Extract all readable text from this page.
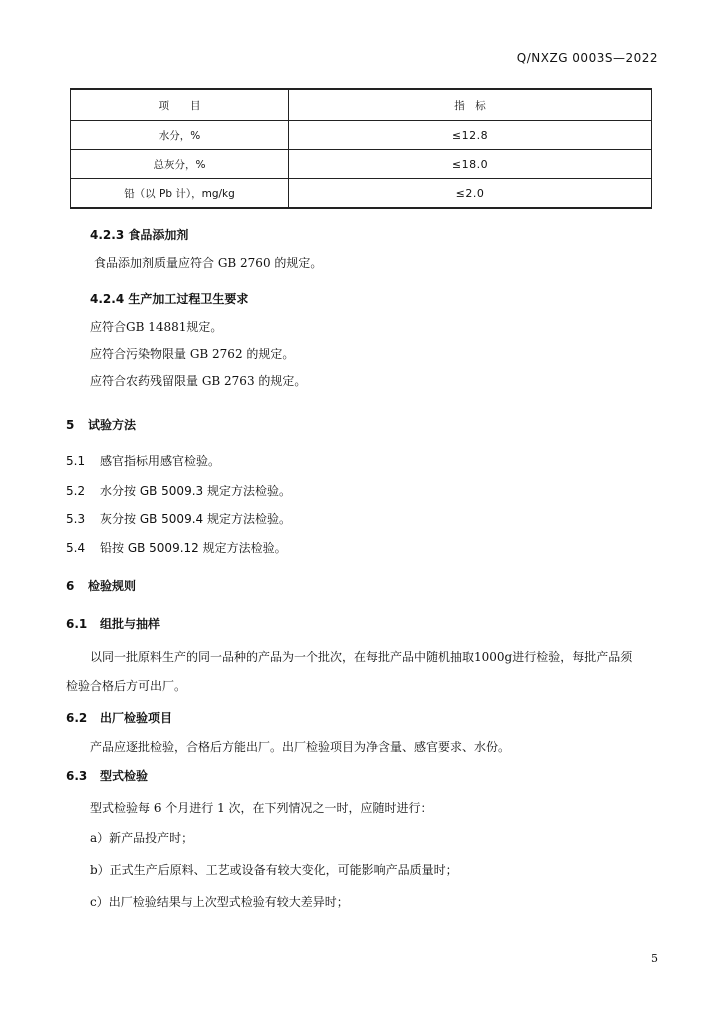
Q/NXZG 0003S—2022
项　　目	指　标
水分，%	≤12.8
总灰分，%	≤18.0
铅（以 Pb 计），mg/kg	≤2.0
4.2.3 食品添加剂
食品添加剂质量应符合 GB 2760 的规定。
4.2.4 生产加工过程卫生要求
应符合GB 14881规定。
应符合污染物限量 GB 2762 的规定。
应符合农药残留限量 GB 2763 的规定。
5 试验方法
5.1 感官指标用感官检验。
5.2 水分按 GB 5009.3 规定方法检验。
5.3 灰分按 GB 5009.4 规定方法检验。
5.4 铅按 GB 5009.12 规定方法检验。
6 检验规则
6.1 组批与抽样
以同一批原料生产的同一品种的产品为一个批次，在每批产品中随机抽取1000g进行检验，每批产品须
检验合格后方可出厂。
6.2 出厂检验项目
产品应逐批检验，合格后方能出厂。出厂检验项目为净含量、感官要求、水份。
6.3 型式检验
型式检验每 6 个月进行 1 次，在下列情况之一时，应随时进行：
a）新产品投产时；
b）正式生产后原料、工艺或设备有较大变化，可能影响产品质量时；
c）出厂检验结果与上次型式检验有较大差异时；
5
